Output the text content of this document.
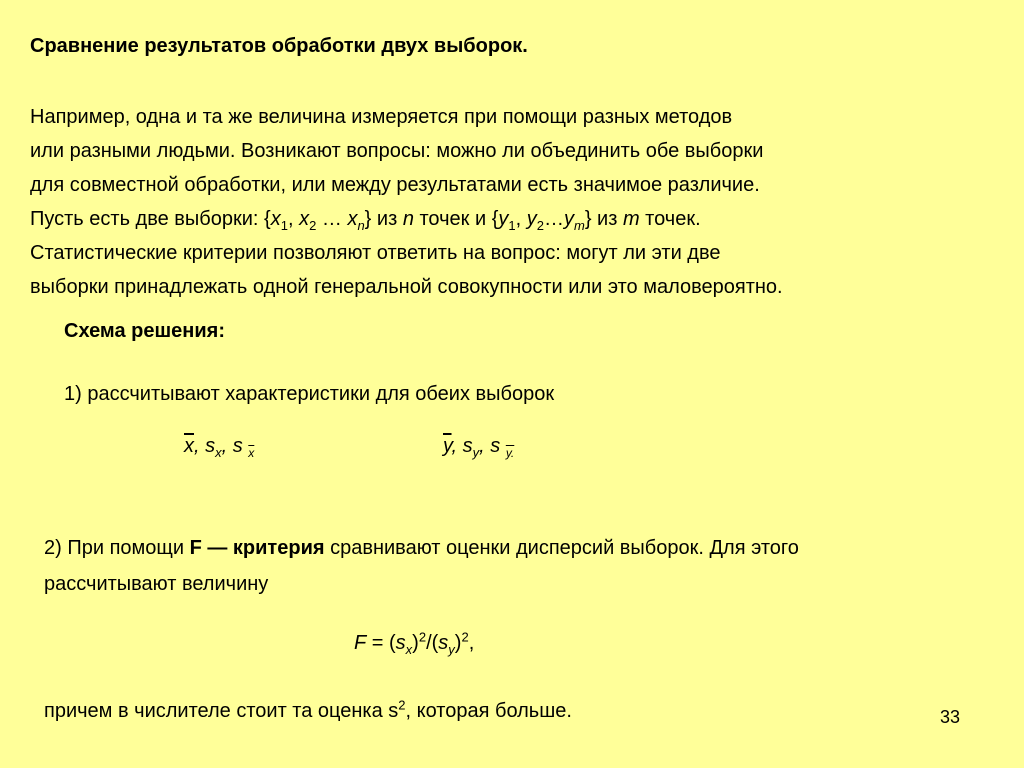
Сравнение результатов обработки двух выборок.
Например, одна и та же величина измеряется при помощи разных методов
или разными людьми. Возникают вопросы: можно ли объединить обе выборки
для совместной обработки, или между результатами есть значимое различие.
Пусть есть две выборки: {$x_1$, $x_2$ … $x_n$} из n точек и {$y_1$, $y_2\dots y_m$} из m точек.
Статистические критерии позволяют ответить на вопрос: могут ли эти две
выборки принадлежать одной генеральной совокупности или это маловероятно.
Схема решения:
1) рассчитывают характеристики для обеих выборок
$\overline{x}$, $s_x$, s $_{\overline{x}}$	$\overline{y}$, $s_y$, s $_{y.}$
2) При помощи F — критерия сравнивают оценки дисперсий выборок. Для этого
рассчитывают величину
$F = (s_x)^2/(s_y)^2$,
причем в числителе стоит та оценка $s^2$, которая больше.	33
